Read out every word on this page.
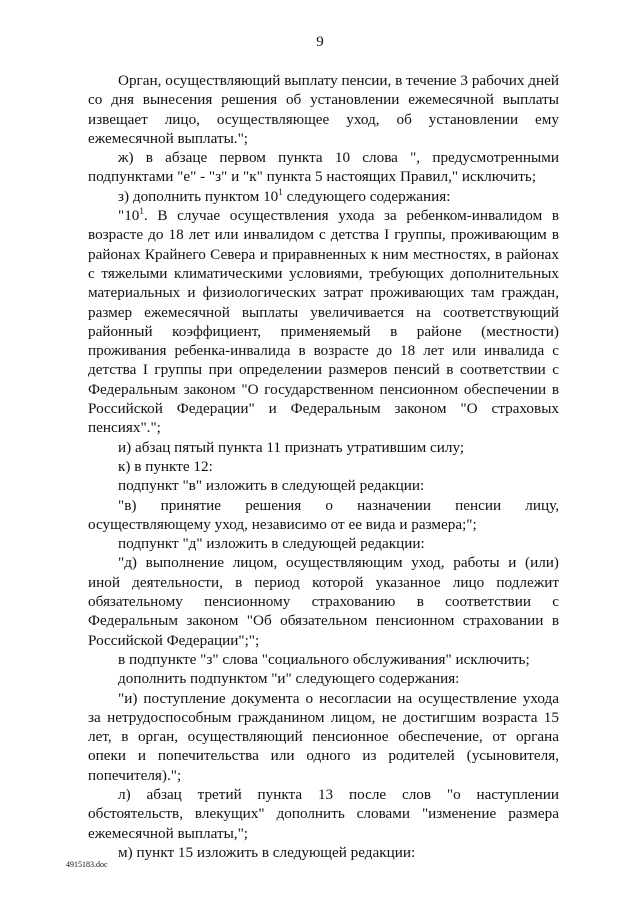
9

Орган, осуществляющий выплату пенсии, в течение 3 рабочих дней со дня вынесения решения об установлении ежемесячной выплаты извещает лицо, осуществляющее уход, об установлении ему ежемесячной выплаты.";

ж) в абзаце первом пункта 10 слова ", предусмотренными подпунктами "е" - "з" и "к" пункта 5 настоящих Правил," исключить;

з) дополнить пунктом $10^1$ следующего содержания:

"$10^1$. В случае осуществления ухода за ребенком-инвалидом в возрасте до 18 лет или инвалидом с детства I группы, проживающим в районах Крайнего Севера и приравненных к ним местностях, в районах с тяжелыми климатическими условиями, требующих дополнительных материальных и физиологических затрат проживающих там граждан, размер ежемесячной выплаты увеличивается на соответствующий районный коэффициент, применяемый в районе (местности) проживания ребенка-инвалида в возрасте до 18 лет или инвалида с детства I группы при определении размеров пенсий в соответствии с Федеральным законом "О государственном пенсионном обеспечении в Российской Федерации" и Федеральным законом "О страховых пенсиях".";

и) абзац пятый пункта 11 признать утратившим силу;

к) в пункте 12:

подпункт "в" изложить в следующей редакции:

"в) принятие решения о назначении пенсии лицу, осуществляющему уход, независимо от ее вида и размера;";

подпункт "д" изложить в следующей редакции:

"д) выполнение лицом, осуществляющим уход, работы и (или) иной деятельности, в период которой указанное лицо подлежит обязательному пенсионному страхованию в соответствии с Федеральным законом "Об обязательном пенсионном страховании в Российской Федерации";";

в подпункте "з" слова "социального обслуживания" исключить;

дополнить подпунктом "и" следующего содержания:

"и) поступление документа о несогласии на осуществление ухода за нетрудоспособным гражданином лицом, не достигшим возраста 15 лет, в орган, осуществляющий пенсионное обеспечение, от органа опеки и попечительства или одного из родителей (усыновителя, попечителя).";

л) абзац третий пункта 13 после слов "о наступлении обстоятельств, влекущих" дополнить словами "изменение размера ежемесячной выплаты,";

м) пункт 15 изложить в следующей редакции:

4915183.doc
